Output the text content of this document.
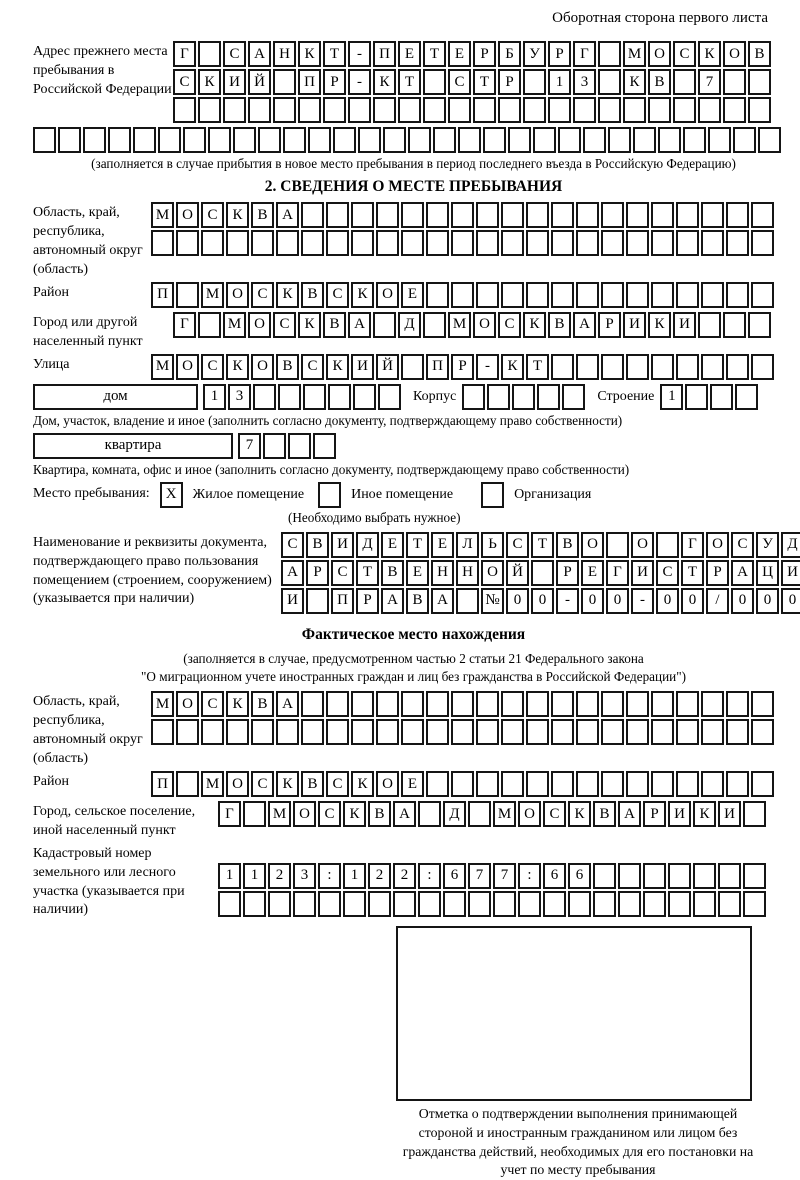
Оборотная сторона первого листа
Адрес прежнего места пребывания в Российской Федерации
Г	С А Н К	Т	-	П Е	Т	Е	Р	Б	У	Р	Г	М О С К О В
С К И Й	П	Р	-	К	Т	С	Т	Р	1	3	К В	7
(заполняется в случае прибытия в новое место пребывания в период последнего въезда в Российскую Федерацию)
2. СВЕДЕНИЯ О МЕСТЕ ПРЕБЫВАНИЯ
Область, край, республика, автономный округ (область)
М О С К В А
Район	П	М О С К В С К О Е
Город или другой населенный пункт
Г	М О С К В А	Д	М О С К В А	Р	И К И
Улица	М О С К О В С К И Й	П	Р	-	К	Т
дом	1	3	Корпус	Строение 1
Дом, участок, владение и иное (заполнить согласно документу, подтверждающему право собственности)
квартира	7
Квартира, комната, офис и иное (заполнить согласно документу, подтверждающему право собственности)
Место пребывания:	X	Жилое помещение	Иное помещение	Организация
(Необходимо выбрать нужное)
Наименование и реквизиты документа, подтверждающего право пользования помещением (строением, сооружением) (указывается при наличии)
С В И Д	Е	Т	Е	Л	Ь	С	Т	В О	О	Г	О С У Д
А	Р	С	Т	В	Е	Н Н О Й	Р	Е	Г	И С	Т	Р	А Ц И
И	П	Р	А В А	№ 0	0	-	0	0	-	0	0	/	0	0	0
Фактическое место нахождения
(заполняется в случае, предусмотренном частью 2 статьи 21 Федерального закона
"О миграционном учете иностранных граждан и лиц без гражданства в Российской Федерации")
Область, край, республика, автономный округ (область)
М О С К В А
Район	П	М О С К В С К О Е
Город, сельское поселение, иной населенный пункт
Г	М О С К В А	Д	М О С К В А	Р	И К И
Кадастровый номер земельного или лесного участка (указывается при наличии)
1	1	2	3	:	1	2	2	:	6	7	7	:	6	6
Отметка о подтверждении выполнения принимающей стороной и иностранным гражданином или лицом без гражданства действий, необходимых для его постановки на учет по месту пребывания
